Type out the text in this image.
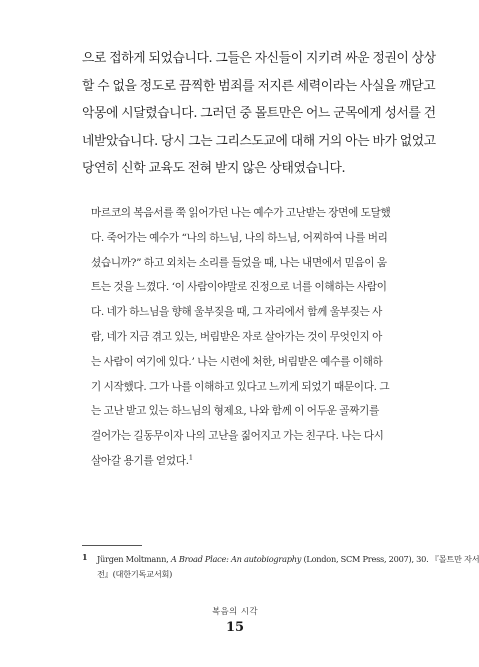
으로 접하게 되었습니다. 그들은 자신들이 지키려 싸운 정권이 상상
할 수 없을 정도로 끔찍한 범죄를 저지른 세력이라는 사실을 깨닫고
악몽에 시달렸습니다. 그러던 중 몰트만은 어느 군목에게 성서를 건
네받았습니다. 당시 그는 그리스도교에 대해 거의 아는 바가 없었고
당연히 신학 교육도 전혀 받지 않은 상태였습니다.

마르코의 복음서를 쭉 읽어가던 나는 예수가 고난받는 장면에 도달했
다. 죽어가는 예수가 “나의 하느님, 나의 하느님, 어찌하여 나를 버리
셨습니까?” 하고 외치는 소리를 들었을 때, 나는 내면에서 믿음이 움
트는 것을 느꼈다. ‘이 사람이야말로 진정으로 너를 이해하는 사람이
다. 네가 하느님을 향해 울부짖을 때, 그 자리에서 함께 울부짖는 사
람, 네가 지금 겪고 있는, 버림받은 자로 살아가는 것이 무엇인지 아
는 사람이 여기에 있다.’ 나는 시련에 처한, 버림받은 예수를 이해하
기 시작했다. 그가 나를 이해하고 있다고 느끼게 되었기 때문이다. 그
는 고난 받고 있는 하느님의 형제요, 나와 함께 이 어두운 골짜기를
걸어가는 길동무이자 나의 고난을 짊어지고 가는 친구다. 나는 다시
살아갈 용기를 얻었다.$^1$

1 Jürgen Moltmann, A Broad Place: An autobiography (London, SCM Press, 2007), 30. 『몰트만 자서
전』(대한기독교서회)
복음의 시각
15
